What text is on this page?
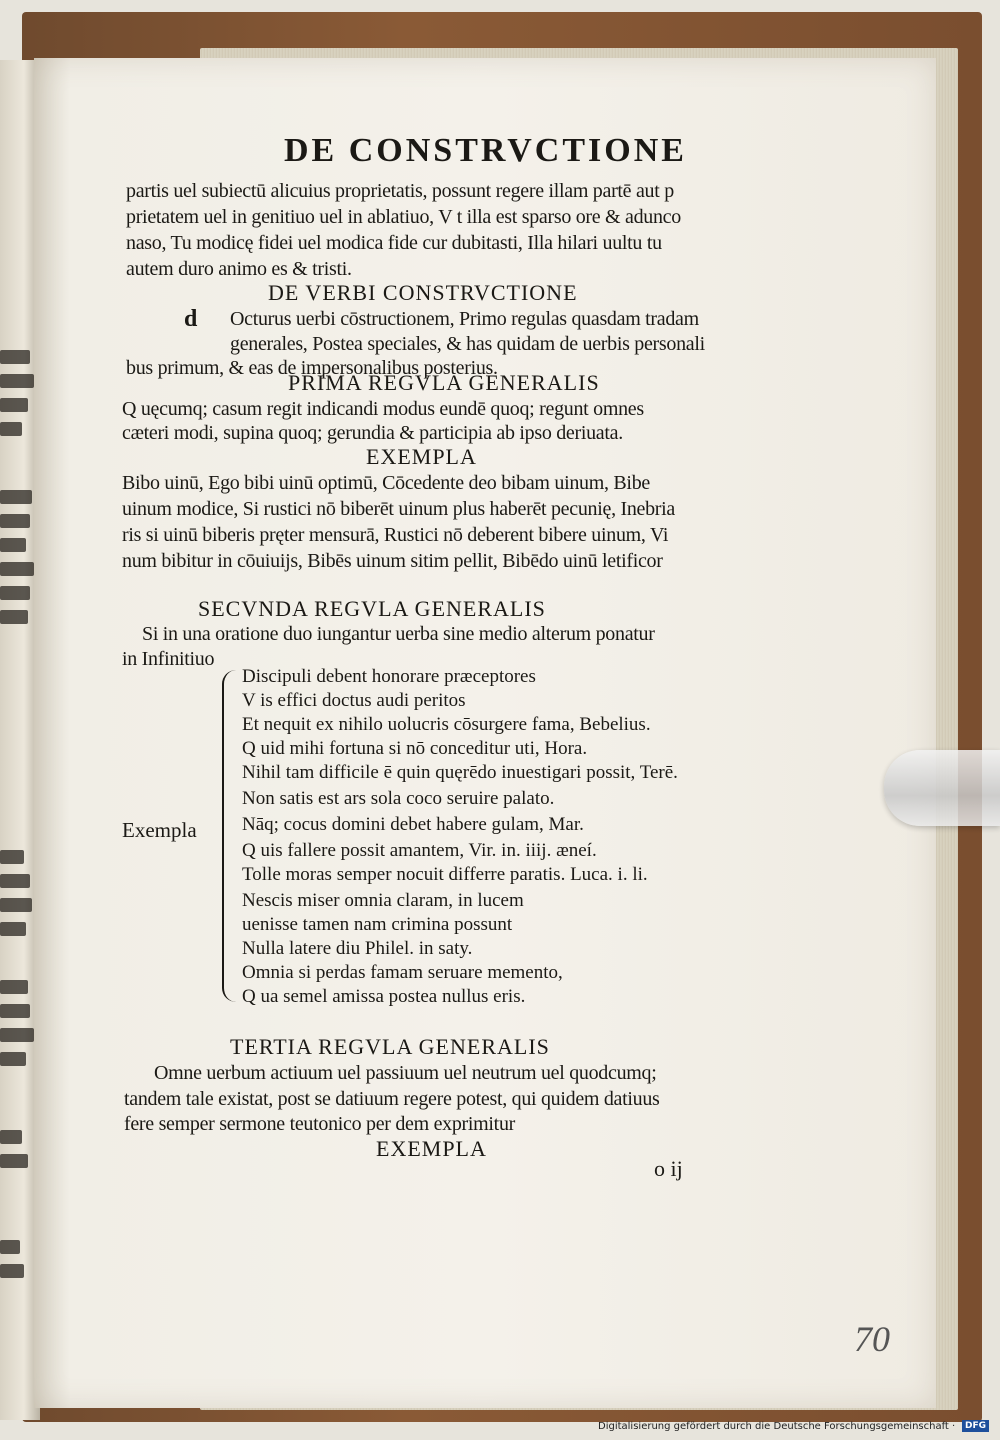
DE CONSTRVCTIONE
partis uel subiectū alicuius proprietatis, possunt regere illam partē aut p
prietatem uel in genitiuo uel in ablatiuo, V t illa est sparso ore & adunco
naso, Tu modicę fidei uel modica fide cur dubitasti, Illa hilari uultu tu
autem duro animo es & tristi.
DE VERBI CONSTRVCTIONE
d Octurus uerbi cōstructionem, Primo regulas quasdam tradam
generales, Postea speciales, & has quidam de uerbis personali
bus primum, & eas de impersonalibus posterius.
PRIMA REGVLA GENERALIS
Q uęcumq; casum regit indicandi modus eundē quoq; regunt omnes
cæteri modi, supina quoq; gerundia & participia ab ipso deriuata.
EXEMPLA
Bibo uinū, Ego bibi uinū optimū, Cōcedente deo bibam uinum, Bibe
uinum modice, Si rustici nō biberēt uinum plus haberēt pecunię, Inebria
ris si uinū biberis pręter mensurā, Rustici nō deberent bibere uinum, Vi
num bibitur in cōuiuijs, Bibēs uinum sitim pellit, Bibēdo uinū letificor
SECVNDA REGVLA GENERALIS
Si in una oratione duo iungantur uerba sine medio alterum ponatur
in Infinitiuo
Exempla
Discipuli debent honorare præceptores
V is effici doctus audi peritos
Et nequit ex nihilo uolucris cōsurgere fama, Bebelius.
Q uid mihi fortuna si nō conceditur uti, Hora.
Nihil tam difficile ē quin quęrēdo inuestigari possit, Terē.
Non satis est ars sola coco seruire palato.
Nāq; cocus domini debet habere gulam, Mar.
Q uis fallere possit amantem, Vir. in. iiij. æneí.
Tolle moras semper nocuit differre paratis. Luca. i. li.
Nescis miser omnia claram, in lucem
uenisse tamen nam crimina possunt
Nulla latere diu Philel. in saty.
Omnia si perdas famam seruare memento,
Q ua semel amissa postea nullus eris.
TERTIA REGVLA GENERALIS
Omne uerbum actiuum uel passiuum uel neutrum uel quodcumq;
tandem tale existat, post se datiuum regere potest, qui quidem datiuus
fere semper sermone teutonico per dem exprimitur
EXEMPLA
o ij
70
Digitalisierung gefördert durch die Deutsche Forschungsgemeinschaft ·	DFG
